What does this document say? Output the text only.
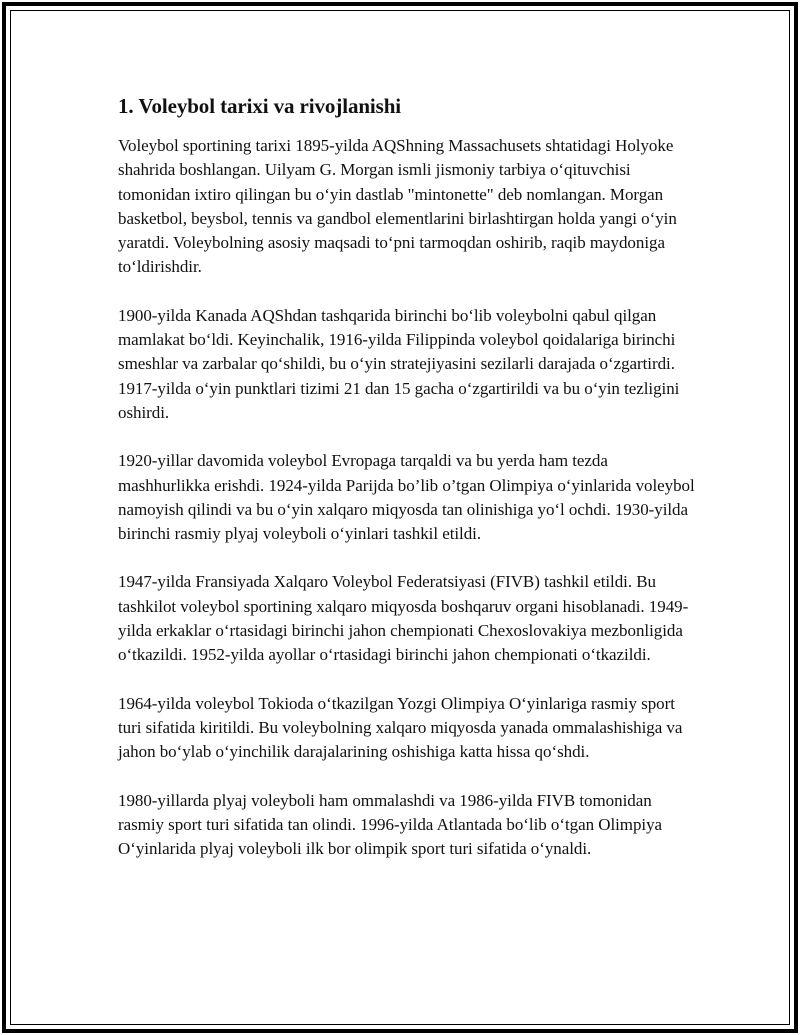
1. Voleybol tarixi va rivojlanishi

Voleybol sportining tarixi 1895-yilda AQShning Massachusets shtatidagi Holyoke shahrida boshlangan. Uilyam G. Morgan ismli jismoniy tarbiya o‘qituvchisi tomonidan ixtiro qilingan bu o‘yin dastlab "mintonette" deb nomlangan. Morgan basketbol, beysbol, tennis va gandbol elementlarini birlashtirgan holda yangi o‘yin yaratdi. Voleybolning asosiy maqsadi to‘pni tarmoqdan oshirib, raqib maydoniga to‘ldirishdir.

1900-yilda Kanada AQShdan tashqarida birinchi bo‘lib voleybolni qabul qilgan mamlakat bo‘ldi. Keyinchalik, 1916-yilda Filippinda voleybol qoidalariga birinchi smeshlar va zarbalar qo‘shildi, bu o‘yin stratejiyasini sezilarli darajada o‘zgartirdi. 1917-yilda o‘yin punktlari tizimi 21 dan 15 gacha o‘zgartirildi va bu o‘yin tezligini oshirdi.

1920-yillar davomida voleybol Evropaga tarqaldi va bu yerda ham tezda mashhurlikka erishdi. 1924-yilda Parijda bo’lib o’tgan Olimpiya o‘yinlarida voleybol namoyish qilindi va bu o‘yin xalqaro miqyosda tan olinishiga yo‘l ochdi. 1930-yilda birinchi rasmiy plyaj voleyboli o‘yinlari tashkil etildi.

1947-yilda Fransiyada Xalqaro Voleybol Federatsiyasi (FIVB) tashkil etildi. Bu tashkilot voleybol sportining xalqaro miqyosda boshqaruv organi hisoblanadi. 1949-yilda erkaklar o‘rtasidagi birinchi jahon chempionati Chexoslovakiya mezbonligida o‘tkazildi. 1952-yilda ayollar o‘rtasidagi birinchi jahon chempionati o‘tkazildi.

1964-yilda voleybol Tokioda o‘tkazilgan Yozgi Olimpiya O‘yinlariga rasmiy sport turi sifatida kiritildi. Bu voleybolning xalqaro miqyosda yanada ommalashishiga va jahon bo‘ylab o‘yinchilik darajalarining oshishiga katta hissa qo‘shdi.

1980-yillarda plyaj voleyboli ham ommalashdi va 1986-yilda FIVB tomonidan rasmiy sport turi sifatida tan olindi. 1996-yilda Atlantada bo‘lib o‘tgan Olimpiya O‘yinlarida plyaj voleyboli ilk bor olimpik sport turi sifatida o‘ynaldi.
